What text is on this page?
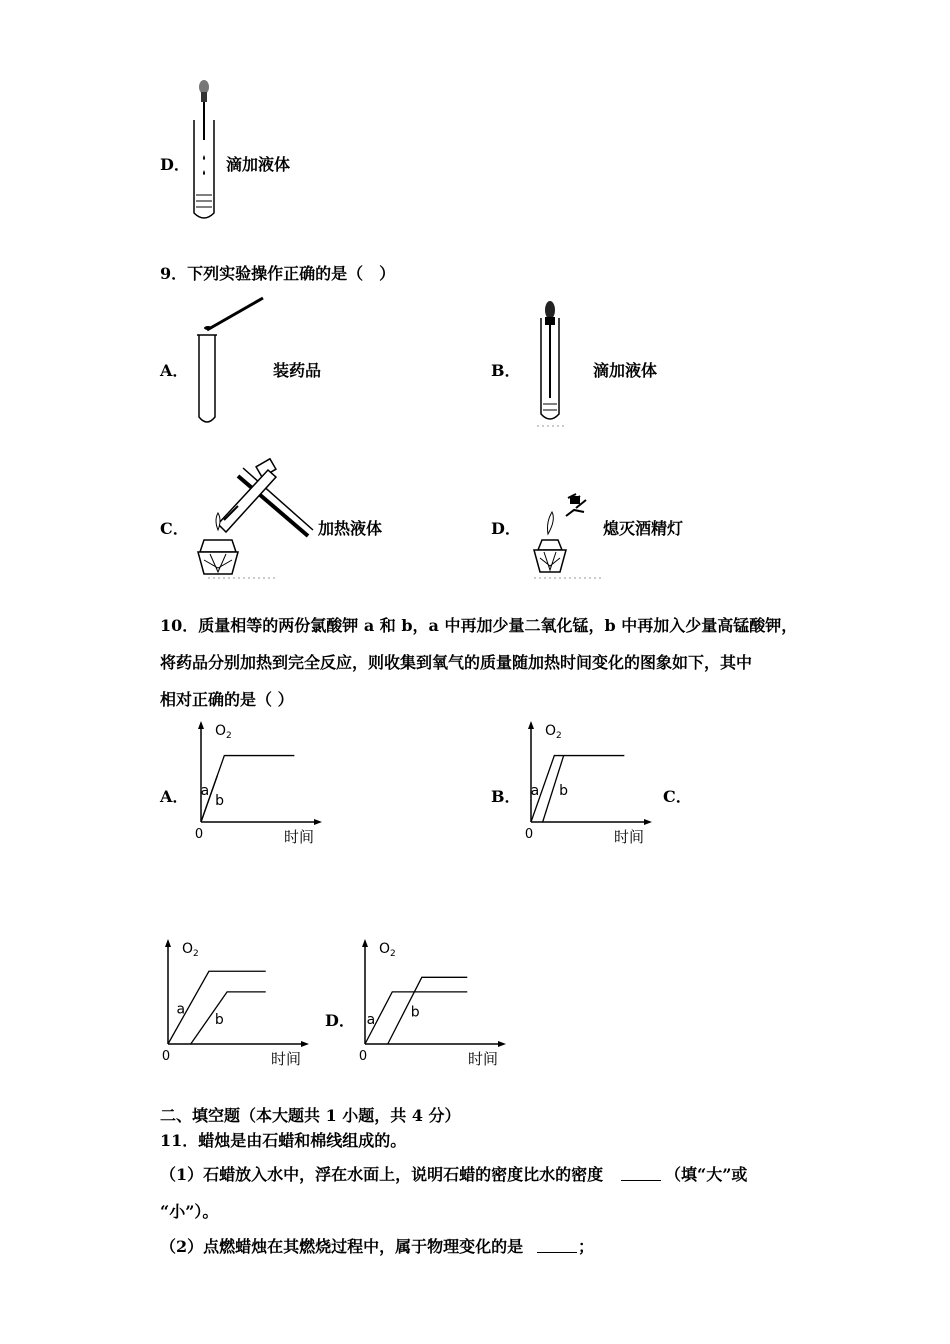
D． 滴加液体
9．下列实验操作正确的是（　）
A．	装药品	B．	滴加液体
C．	加热液体	D．	熄灭酒精灯
10．质量相等的两份氯酸钾 a 和 b，a 中再加少量二氧化锰，b 中再加入少量高锰酸钾，
将药品分别加热到完全反应，则收集到氧气的质量随加热时间变化的图象如下，其中
相对正确的是（ ）
A．
$O_2$
0	时间
a
b	B．
$O_2$
0	时间
a b	C．
$O_2$
0	时间
a
b	D．
$O_2$
0	时间
a	b
二、填空题（本大题共 1 小题，共 4 分）
11．蜡烛是由石蜡和棉线组成的。
（1）石蜡放入水中，浮在水面上，说明石蜡的密度比水的密度	（填“大”或
“小”）。
（2）点燃蜡烛在其燃烧过程中，属于物理变化的是	；
